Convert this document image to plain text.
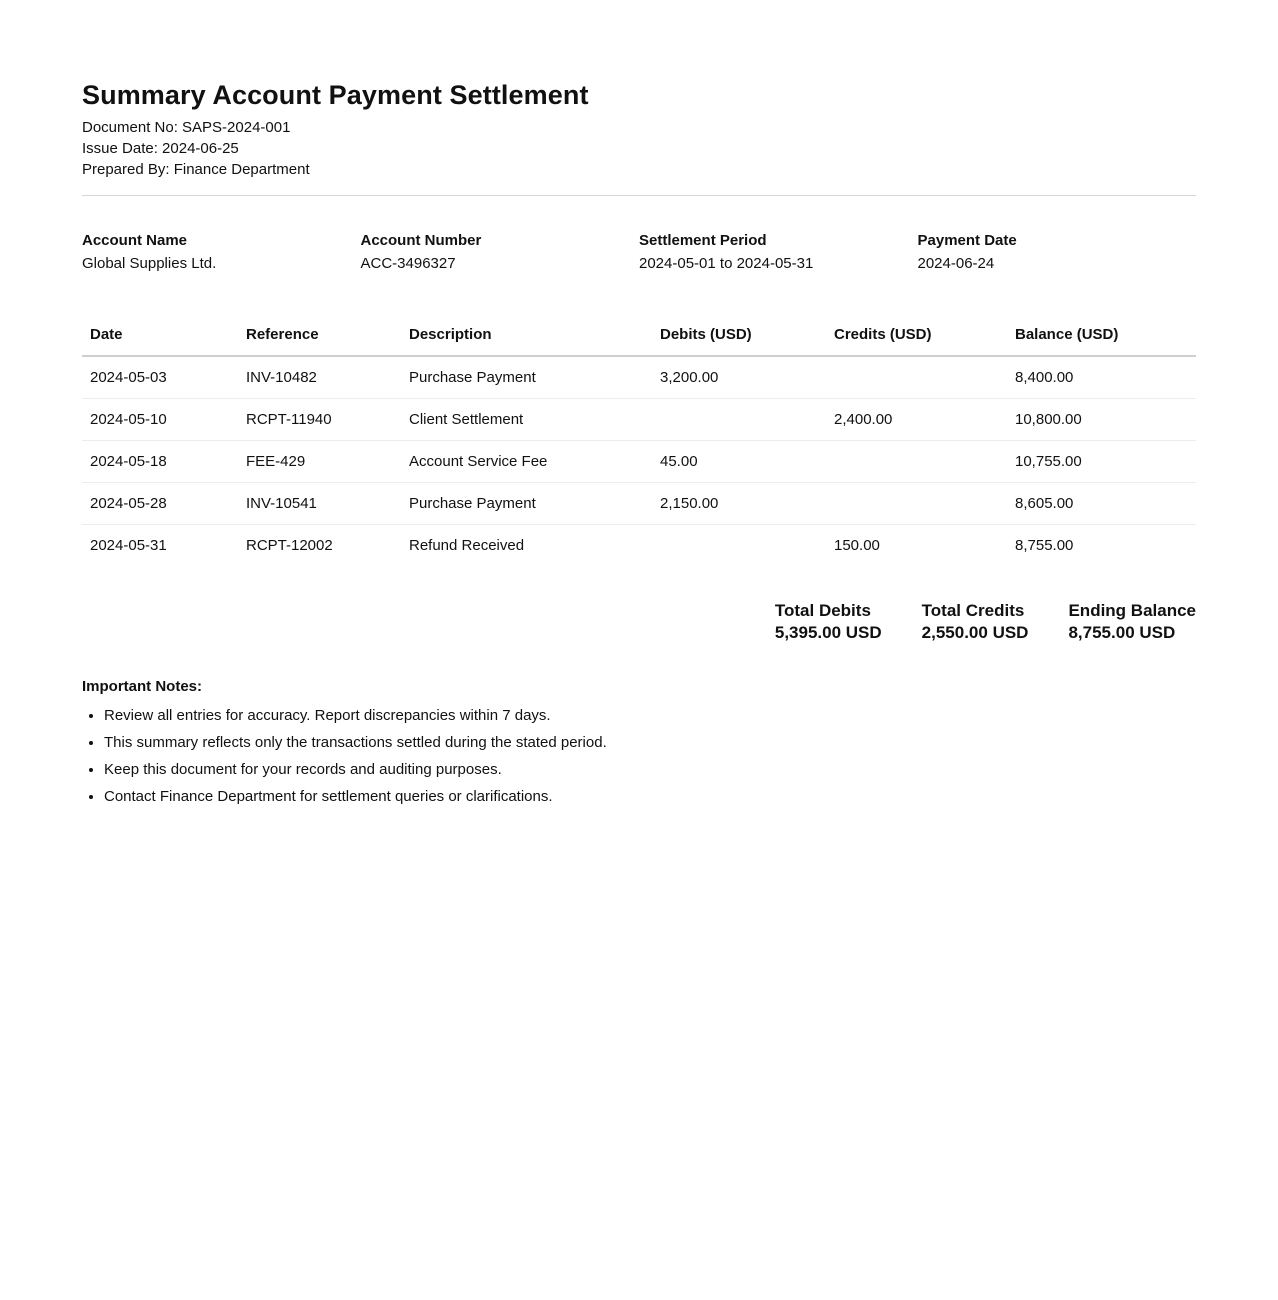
Summary Account Payment Settlement
Document No: SAPS-2024-001
Issue Date: 2024-06-25
Prepared By: Finance Department
Account Name
Global Supplies Ltd.
Account Number
ACC-3496327
Settlement Period
2024-05-01 to 2024-05-31
Payment Date
2024-06-24
Date	Reference	Description	Debits (USD)	Credits (USD)	Balance (USD)
2024-05-03	INV-10482	Purchase Payment	3,200.00		8,400.00
2024-05-10	RCPT-11940	Client Settlement		2,400.00	10,800.00
2024-05-18	FEE-429	Account Service Fee	45.00		10,755.00
2024-05-28	INV-10541	Purchase Payment	2,150.00		8,605.00
2024-05-31	RCPT-12002	Refund Received		150.00	8,755.00
Total Debits
5,395.00 USD
Total Credits
2,550.00 USD
Ending Balance
8,755.00 USD
Important Notes:
• Review all entries for accuracy. Report discrepancies within 7 days.
• This summary reflects only the transactions settled during the stated period.
• Keep this document for your records and auditing purposes.
• Contact Finance Department for settlement queries or clarifications.
